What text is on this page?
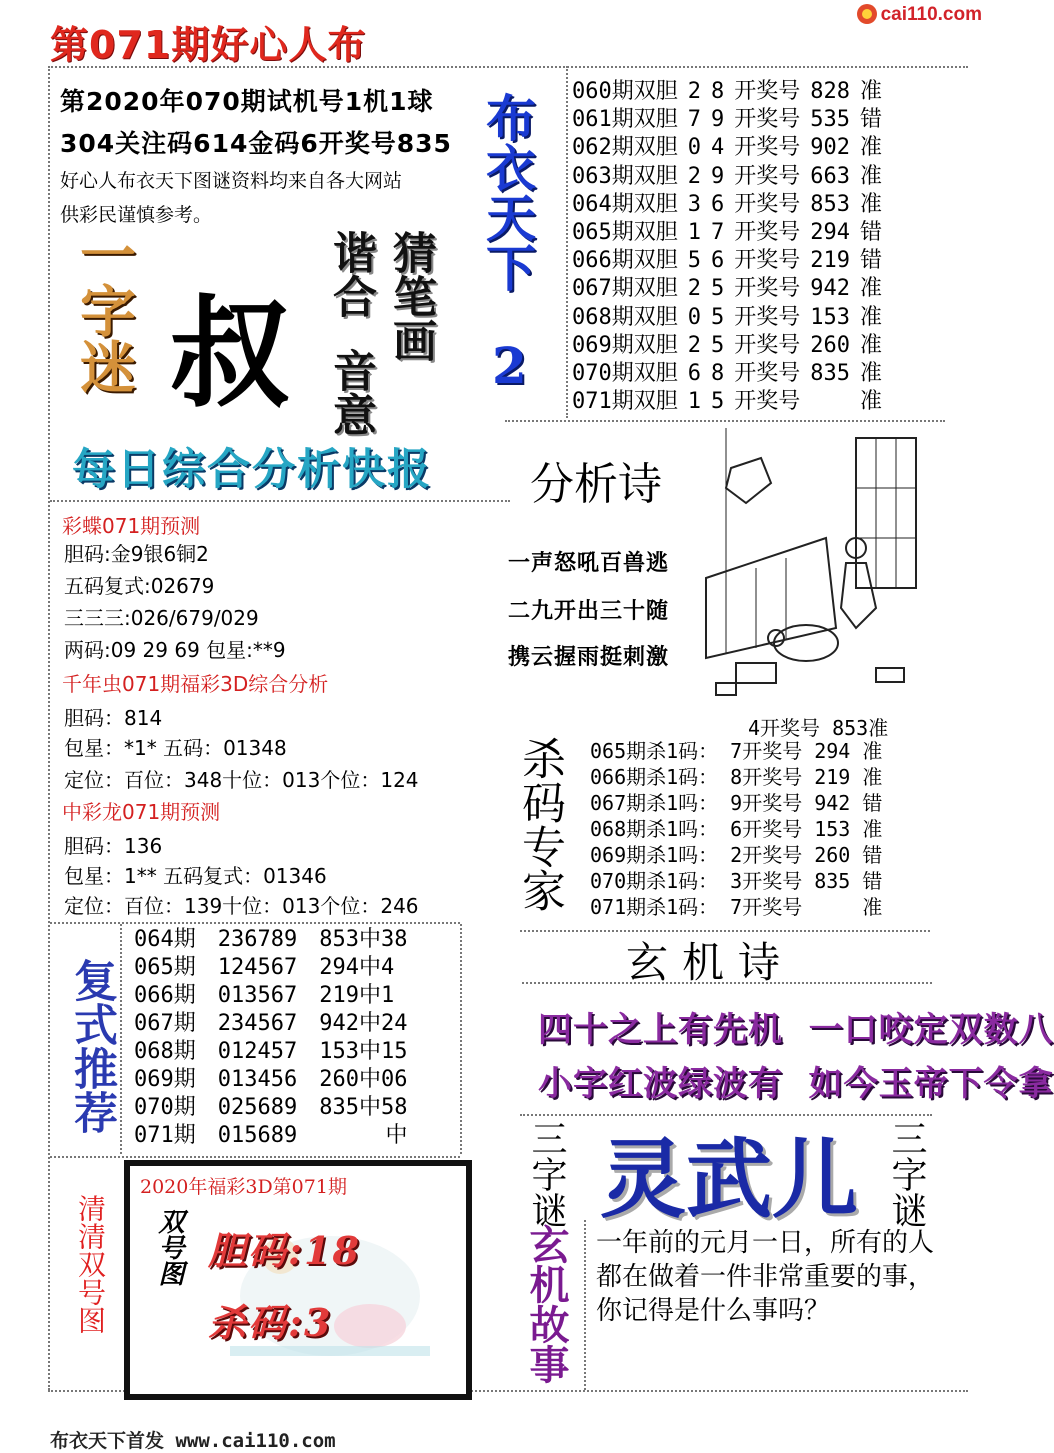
第071期好心人布
cai110.com
第2020年070期试机号1机1球
304关注码614金码6开奖号835
好心人布衣天下图谜资料均来自各大网站
供彩民谨慎参考。	布衣天下
2
060期双胆	2	8	开奖号	828	准
061期双胆	7	9	开奖号	535	错
062期双胆	0	4	开奖号	902	准
063期双胆	2	9	开奖号	663	准
064期双胆	3	6	开奖号	853	准
065期双胆	1	7	开奖号	294	错
066期双胆	5	6	开奖号	219	错
067期双胆	2	5	开奖号	942	准
068期双胆	0	5	开奖号	153	准
069期双胆	2	5	开奖号	260	准
070期双胆	6	8	开奖号	835	准
071期双胆	1	5	开奖号		准
一字迷 叔
谐合
音意
猜笔画
每日综合分析快报
彩蝶071期预测
胆码:金9银6铜2
五码复式:02679
三三三:026/679/029
两码:09 29 69 包星:**9
千年虫071期福彩3D综合分析
胆码：814
包星：*1* 五码：01348
定位：百位：348十位：013个位：124
中彩龙071期预测
胆码：136
包星：1** 五码复式：01346
定位：百位：139十位：013个位：246
分析诗
一声怒吼百兽逃
二九开出三十随
携云握雨挺刺激
杀码专家
4开奖号 853准
065期杀1码：	7开奖号	294	准
066期杀1码：	8开奖号	219	准
067期杀1吗：	9开奖号	942	错
068期杀1吗：	6开奖号	153	准
069期杀1吗：	2开奖号	260	错
070期杀1码：	3开奖号	835	错
071期杀1码：	7开奖号		准
复式推荐
064期	236789	853中38
065期	124567	294中4
066期	013567	219中1
067期	234567	942中24
068期	012457	153中15
069期	013456	260中06
070期	025689	835中58
071期	015689	中
玄机诗
四十之上有先机  一口咬定双数八
小字红波绿波有  如今玉帝下令拿
三字谜 灵武儿 三字谜
玄机故事 一年前的元月一日，所有的人都在做着一件非常重要的事，你记得是什么事吗？
清清双号图
2020年福彩3D第071期
双号图 胆码:18
杀码:3
布衣天下首发 www.cai110.com
